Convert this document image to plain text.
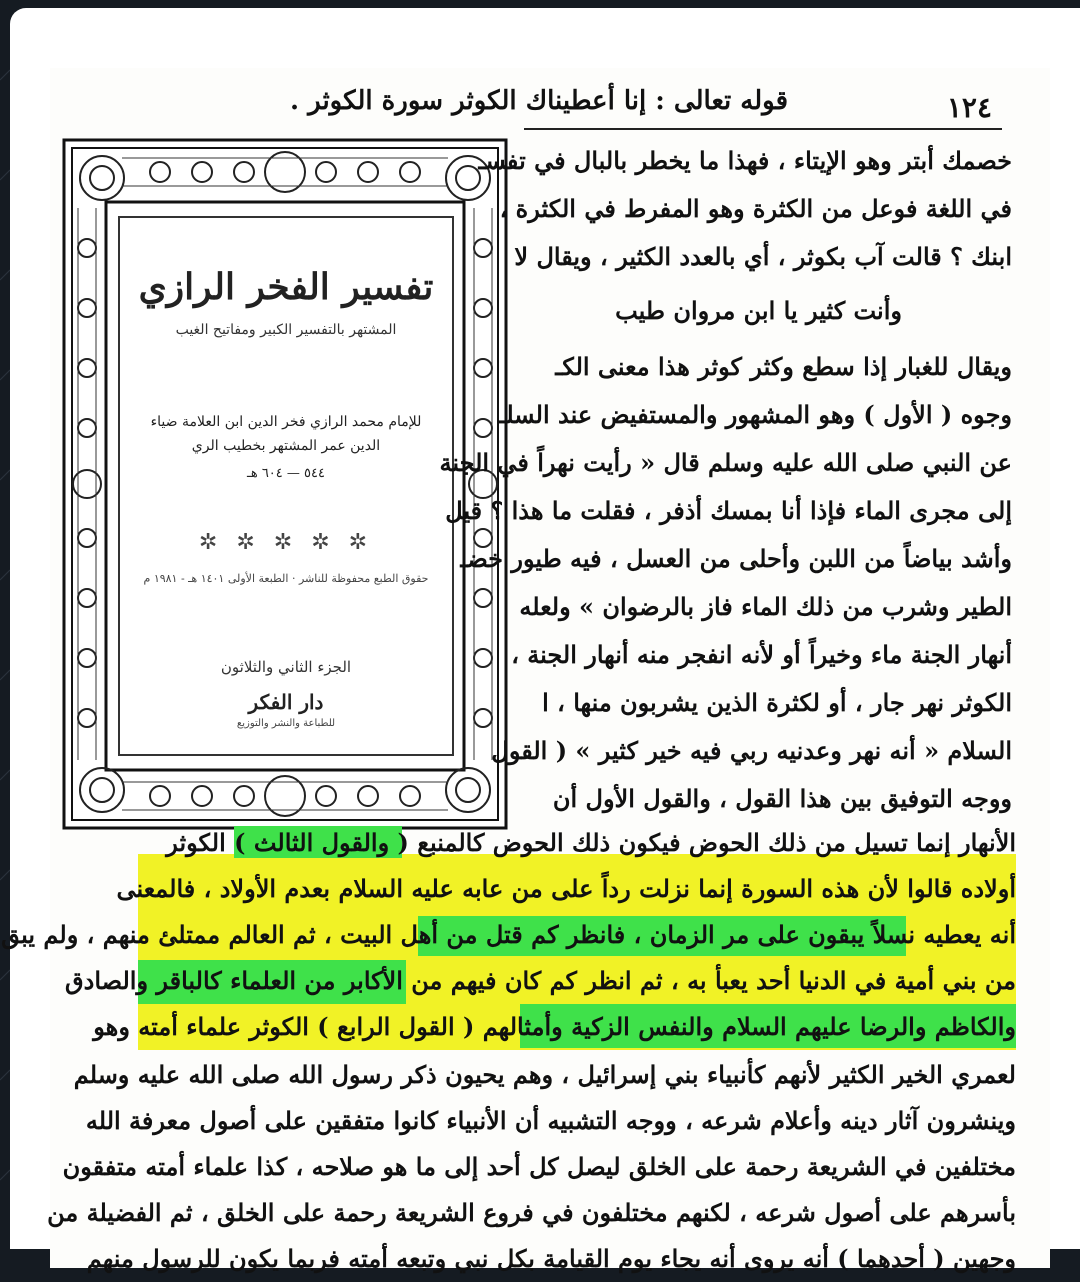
١٢٤
قوله تعالى : إنا أعطيناك الكوثر سورة الكوثر .
تفسير الفخر الرازي
المشتهر بالتفسير الكبير ومفاتيح الغيب
للإمام محمد الرازي فخر الدين ابن العلامة ضياء الدين عمر المشتهر بخطيب الري
٥٤٤ — ٦٠٤ هـ
✲ ✲ ✲ ✲ ✲
حقوق الطبع محفوظة للناشر · الطبعة الأولى ١٤٠١ هـ - ١٩٨١ م
الجزء الثاني والثلاثون
دار الفكر
للطباعة والنشر والتوزيع
خصمك أبتر وهو الإيتاء ، فهذا ما يخطر بالبال في تفسـ
في اللغة فوعل من الكثرة وهو المفرط في الكثرة ،
ابنك ؟ قالت آب بكوثر ، أي بالعدد الكثير ، ويقال لا
وأنت كثير يا ابن مروان طيب
ويقال للغبار إذا سطع وكثر كوثر هذا معنى الكـ
وجوه ( الأول ) وهو المشهور والمستفيض عند السلـ
عن النبي صلى الله عليه وسلم قال « رأيت نهراً في الجنة
إلى مجرى الماء فإذا أنا بمسك أذفر ، فقلت ما هذا ؟ قيل
وأشد بياضاً من اللبن وأحلى من العسل ، فيه طيور خضـ
الطير وشرب من ذلك الماء فاز بالرضوان » ولعله
أنهار الجنة ماء وخيراً أو لأنه انفجر منه أنهار الجنة ،
الكوثر نهر جار ، أو لكثرة الذين يشربون منها ، ا
السلام « أنه نهر وعدنيه ربي فيه خير كثير » ( القول
ووجه التوفيق بين هذا القول ، والقول الأول أن
الأنهار إنما تسيل من ذلك الحوض فيكون ذلك الحوض كالمنبع ( والقول الثالث ) الكوثر
أولاده قالوا لأن هذه السورة إنما نزلت رداً على من عابه عليه السلام بعدم الأولاد ، فالمعنى
أنه يعطيه نسلاً يبقون على مر الزمان ، فانظر كم قتل من أهل البيت ، ثم العالم ممتلئ منهم ، ولم يبق
من بني أمية في الدنيا أحد يعبأ به ، ثم انظر كم كان فيهم من الأكابر من العلماء كالباقر والصادق
والكاظم والرضا عليهم السلام والنفس الزكية وأمثالهم ( القول الرابع ) الكوثر علماء أمته وهو
لعمري الخير الكثير لأنهم كأنبياء بني إسرائيل ، وهم يحيون ذكر رسول الله صلى الله عليه وسلم
وينشرون آثار دينه وأعلام شرعه ، ووجه التشبيه أن الأنبياء كانوا متفقين على أصول معرفة الله
مختلفين في الشريعة رحمة على الخلق ليصل كل أحد إلى ما هو صلاحه ، كذا علماء أمته متفقون
بأسرهم على أصول شرعه ، لكنهم مختلفون في فروع الشريعة رحمة على الخلق ، ثم الفضيلة من
وجهين ( أحدهما ) أنه يروى أنه يجاء يوم القيامة بكل نبي وتبعه أمته فربما يكون للرسول منهم
